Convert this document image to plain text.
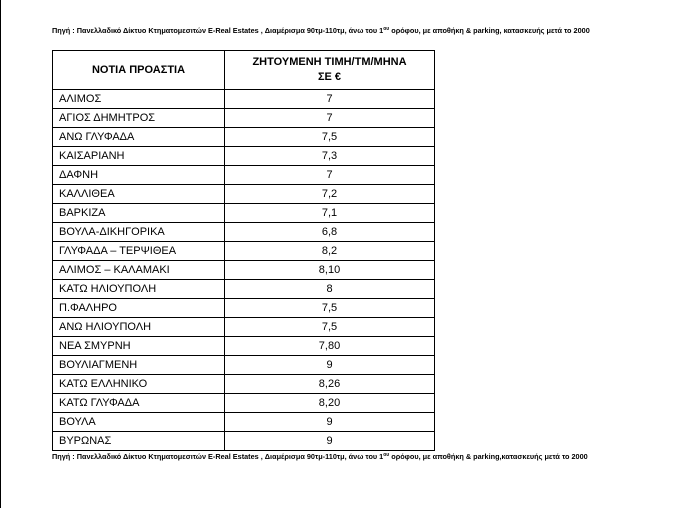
Πηγή : Πανελλαδικό Δίκτυο Κτηματομεσιτών E-Real Estates , Διαμέρισμα 90τμ-110τμ, άνω του $1^{o\upsilon}$ ορόφου, με αποθήκη & parking, κατασκευής μετά το 2000
ΝΟΤΙΑ ΠΡΟΑΣΤΙΑ	ΖΗΤΟΥΜΕΝΗ ΤΙΜΗ/ΤΜ/ΜΗΝΑ
ΣΕ €
ΑΛΙΜΟΣ	7
ΑΓΙΟΣ ΔΗΜΗΤΡΟΣ	7
ΑΝΩ ΓΛΥΦΑΔΑ	7,5
ΚΑΙΣΑΡΙΑΝΗ	7,3
ΔΑΦΝΗ	7
ΚΑΛΛΙΘΕΑ	7,2
ΒΑΡΚΙΖΑ	7,1
ΒΟΥΛΑ-ΔΙΚΗΓΟΡΙΚΑ	6,8
ΓΛΥΦΑΔΑ – ΤΕΡΨΙΘΕΑ	8,2
ΑΛΙΜΟΣ – ΚΑΛΑΜΑΚΙ	8,10
ΚΑΤΩ ΗΛΙΟΥΠΟΛΗ	8
Π.ΦΑΛΗΡΟ	7,5
ΑΝΩ ΗΛΙΟΥΠΟΛΗ	7,5
ΝΕΑ ΣΜΥΡΝΗ	7,80
ΒΟΥΛΙΑΓΜΕΝΗ	9
ΚΑΤΩ ΕΛΛΗΝΙΚΟ	8,26
ΚΑΤΩ ΓΛΥΦΑΔΑ	8,20
ΒΟΥΛΑ	9
ΒΥΡΩΝΑΣ	9
Πηγή : Πανελλαδικό Δίκτυο Κτηματομεσιτών E-Real Estates , Διαμέρισμα 90τμ-110τμ, άνω του $1^{o\upsilon}$ ορόφου, με αποθήκη & parking,κατασκευής μετά το 2000
